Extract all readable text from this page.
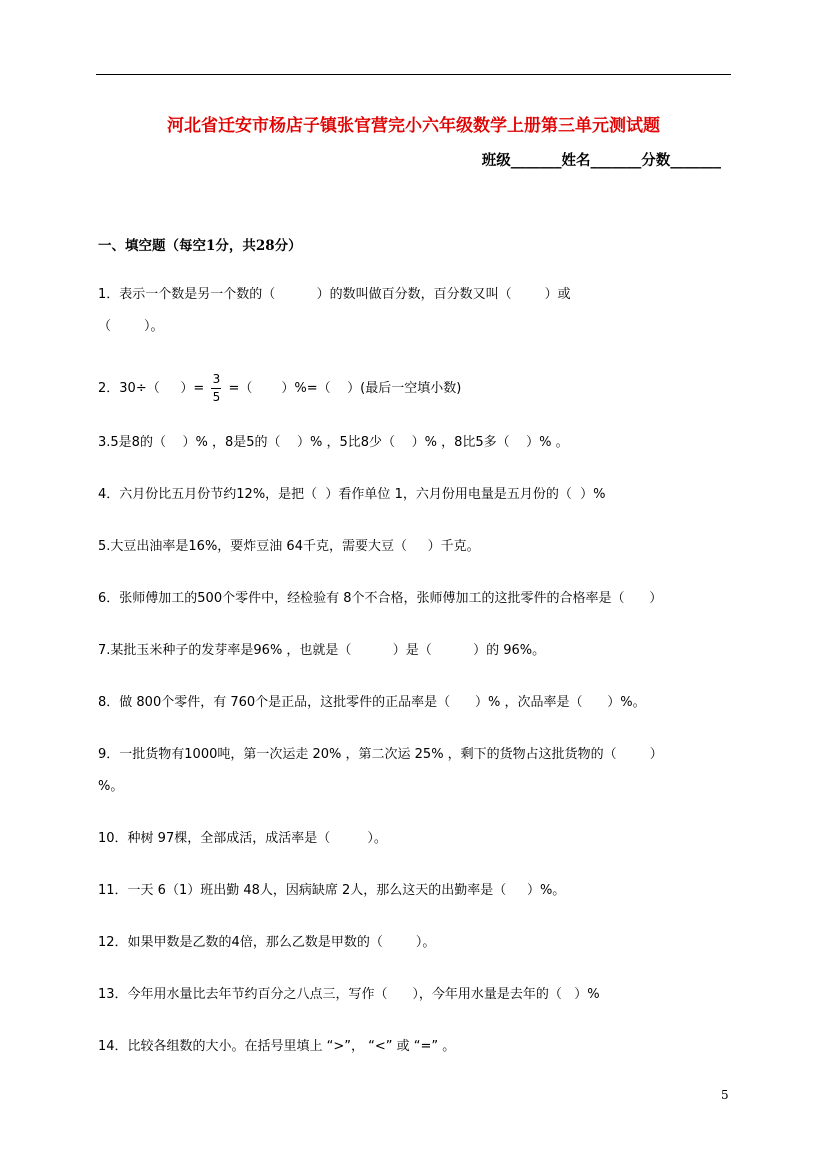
河北省迁安市杨店子镇张官营完小六年级数学上册第三单元测试题
班级_______姓名_______分数_______
一、填空题（每空1分，共28分）
1．表示一个数是另一个数的（          ）的数叫做百分数，百分数又叫（        ）或
（        ）。
2．30÷（     ）= $\frac{3}{5}$ =（       ）%=（    ）(最后一空填小数)
3.5是8的（    ）% ，8是5的（    ）% ，5比8少（    ）% ，8比5多（    ）% 。
4．六月份比五月份节约12%，是把（  ）看作单位 1，六月份用电量是五月份的（  ）%
5.大豆出油率是16%，要炸豆油 64千克，需要大豆（     ）千克。
6．张师傅加工的500个零件中，经检验有 8个不合格，张师傅加工的这批零件的合格率是（      ）
7.某批玉米种子的发芽率是96% ，也就是（          ）是（          ）的 96%。
8．做 800个零件，有 760个是正品，这批零件的正品率是（      ）% ，次品率是（      ）%。
9．一批货物有1000吨，第一次运走 20% ，第二次运 25% ，剩下的货物占这批货物的（        ）
%。
10．种树 97棵，全部成活，成活率是（         ）。
11．一天 6（1）班出勤 48人，因病缺席 2人，那么这天的出勤率是（     ）%。
12．如果甲数是乙数的4倍，那么乙数是甲数的（        ）。
13．今年用水量比去年节约百分之八点三，写作（      ），今年用水量是去年的（   ）%
14．比较各组数的大小。在括号里填上 “>”， “<” 或 “=” 。
5
